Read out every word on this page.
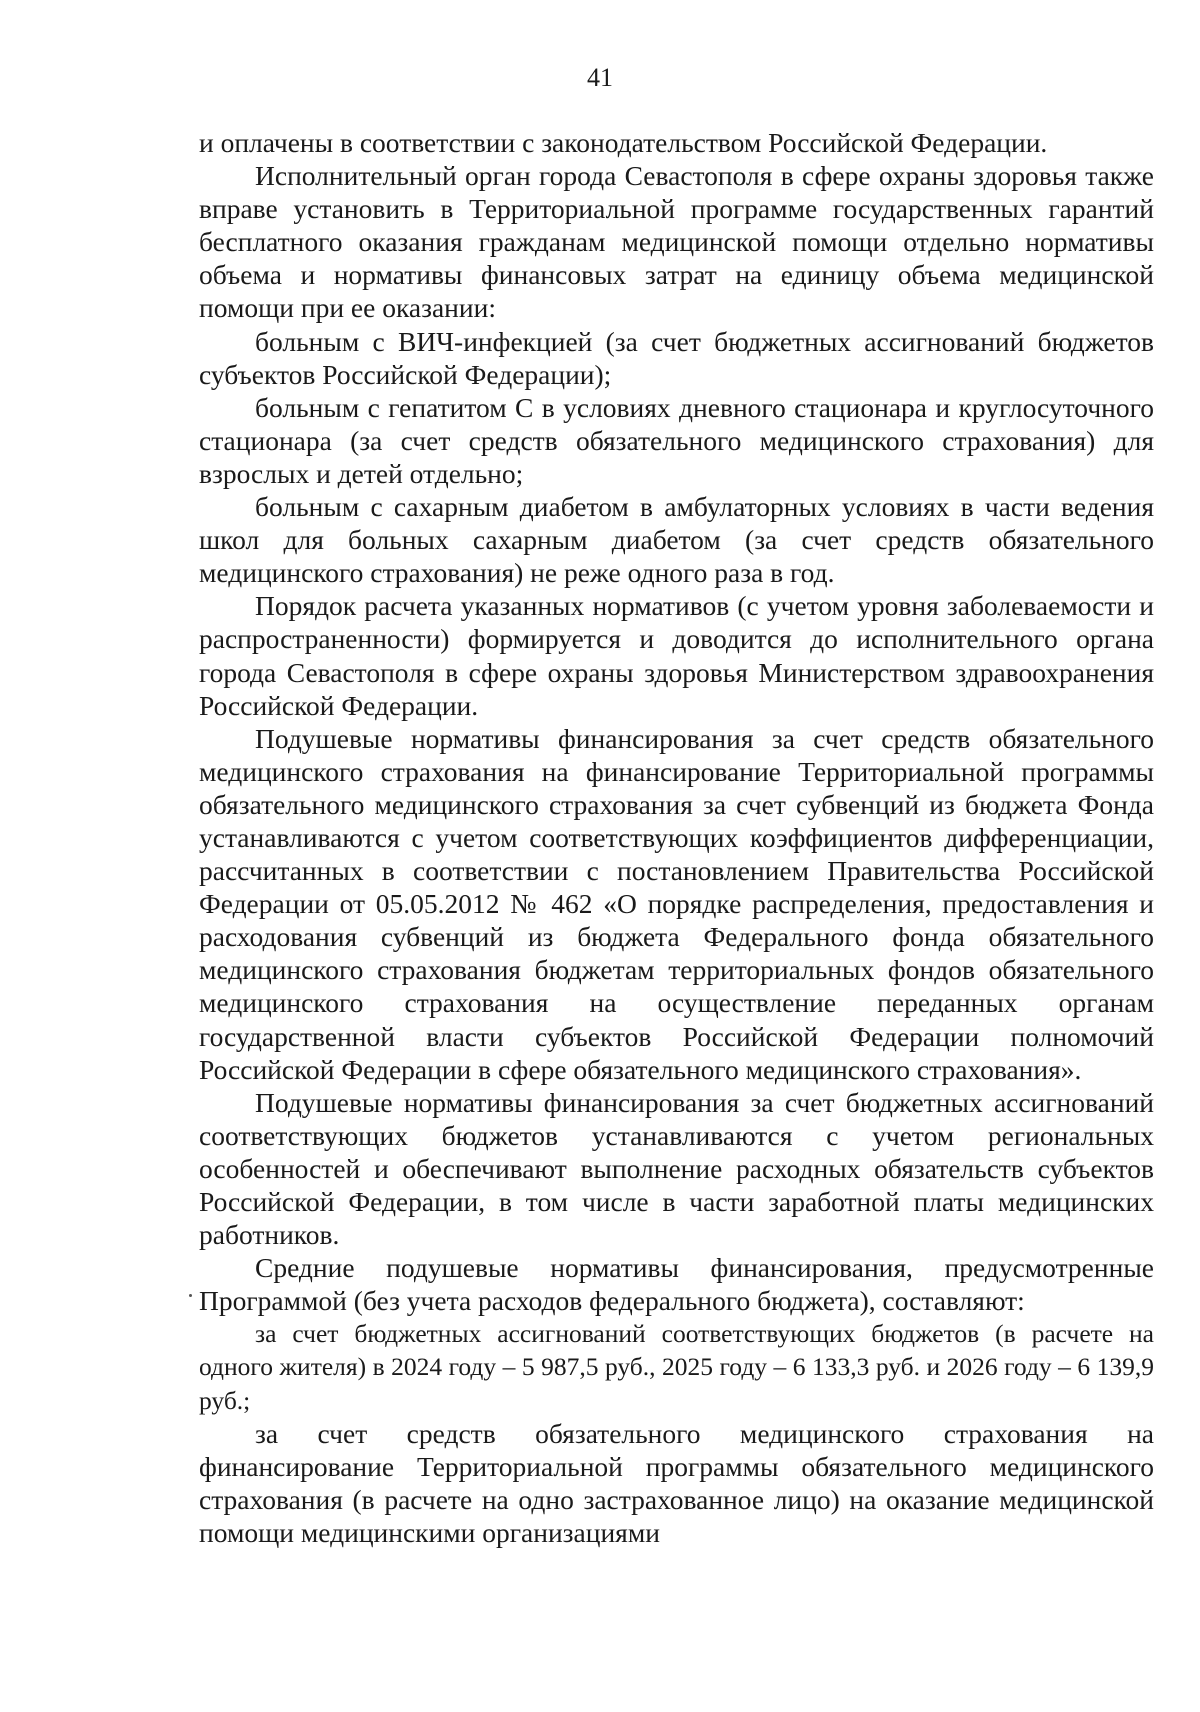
41

и оплачены в соответствии с законодательством Российской Федерации.

Исполнительный орган города Севастополя в сфере охраны здоровья также вправе установить в Территориальной программе государственных гарантий бесплатного оказания гражданам медицинской помощи отдельно нормативы объема и нормативы финансовых затрат на единицу объема медицинской помощи при ее оказании:

больным с ВИЧ-инфекцией (за счет бюджетных ассигнований бюджетов субъектов Российской Федерации);

больным с гепатитом С в условиях дневного стационара и круглосуточного стационара (за счет средств обязательного медицинского страхования) для взрослых и детей отдельно;

больным с сахарным диабетом в амбулаторных условиях в части ведения школ для больных сахарным диабетом (за счет средств обязательного медицинского страхования) не реже одного раза в год.

Порядок расчета указанных нормативов (с учетом уровня заболеваемости и распространенности) формируется и доводится до исполнительного органа города Севастополя в сфере охраны здоровья Министерством здравоохранения Российской Федерации.

Подушевые нормативы финансирования за счет средств обязательного медицинского страхования на финансирование Территориальной программы обязательного медицинского страхования за счет субвенций из бюджета Фонда устанавливаются с учетом соответствующих коэффициентов дифференциации, рассчитанных в соответствии с постановлением Правительства Российской Федерации от 05.05.2012 № 462 «О порядке распределения, предоставления и расходования субвенций из бюджета Федерального фонда обязательного медицинского страхования бюджетам территориальных фондов обязательного медицинского страхования на осуществление переданных органам государственной власти субъектов Российской Федерации полномочий Российской Федерации в сфере обязательного медицинского страхования».

Подушевые нормативы финансирования за счет бюджетных ассигнований соответствующих бюджетов устанавливаются с учетом региональных особенностей и обеспечивают выполнение расходных обязательств субъектов Российской Федерации, в том числе в части заработной платы медицинских работников.

Средние подушевые нормативы финансирования, предусмотренные Программой (без учета расходов федерального бюджета), составляют:

за счет бюджетных ассигнований соответствующих бюджетов (в расчете на одного жителя) в 2024 году – 5 987,5 руб., 2025 году – 6 133,3 руб. и 2026 году – 6 139,9 руб.;

за счет средств обязательного медицинского страхования на финансирование Территориальной программы обязательного медицинского страхования (в расчете на одно застрахованное лицо) на оказание медицинской помощи медицинскими организациями
